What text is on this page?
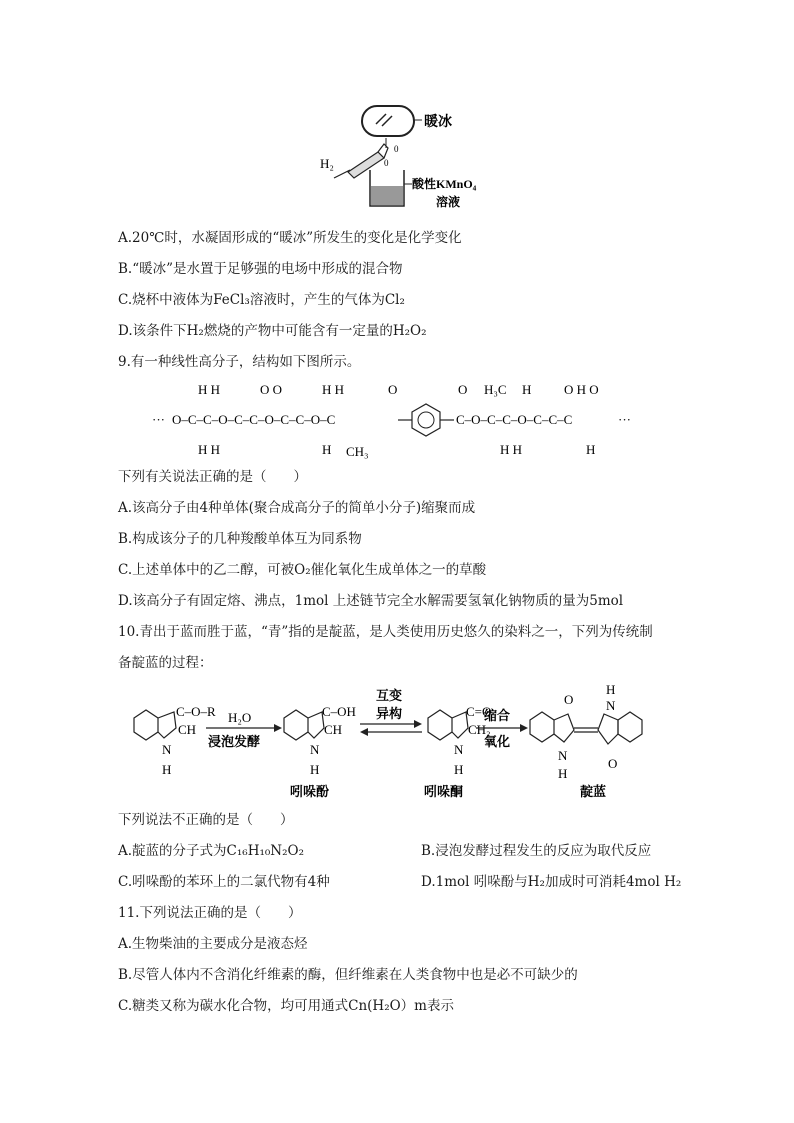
暖冰
0
H₂	0
酸性KMnO₄
溶液
A.20℃时，水凝固形成的“暖冰”所发生的变化是化学变化
B.“暖冰”是水置于足够强的电场中形成的混合物
C.烧杯中液体为FeCl₃溶液时，产生的气体为Cl₂
D.该条件下H₂燃烧的产物中可能含有一定量的H₂O₂
9.有一种线性高分子，结构如下图所示。
··· O–C–C–O–C–C–O–C–C–O–C
H H
H H
O O	H H
H CH₃
O
C–O–C–C–O–C–C–C
O H₃C H
H H
O H O
H
···
下列有关说法正确的是（　　）
A.该高分子由4种单体(聚合成高分子的简单小分子)缩聚而成
B.构成该分子的几种羧酸单体互为同系物
C.上述单体中的乙二醇，可被O₂催化氧化生成单体之一的草酸
D.该高分子有固定熔、沸点，1mol 上述链节完全水解需要氢氧化钠物质的量为5mol
10.青出于蓝而胜于蓝，“青”指的是靛蓝，是人类使用历史悠久的染料之一，下列为传统制
备靛蓝的过程：
C–O–R
CH
N
H
H₂O
浸泡发酵
C–OH
CH
N
H
吲哚酚
互变
异构	C=O
CH₂
N
H
吲哚酮
缩合
氧化
O
N
H
H
N
O
靛蓝
下列说法不正确的是（　　）
A.靛蓝的分子式为C₁₆H₁₀N₂O₂	B.浸泡发酵过程发生的反应为取代反应
C.吲哚酚的苯环上的二氯代物有4种	D.1mol 吲哚酚与H₂加成时可消耗4mol H₂
11.下列说法正确的是（　　）
A.生物柴油的主要成分是液态烃
B.尽管人体内不含消化纤维素的酶，但纤维素在人类食物中也是必不可缺少的
C.糖类又称为碳水化合物，均可用通式Cn(H₂O）m表示
